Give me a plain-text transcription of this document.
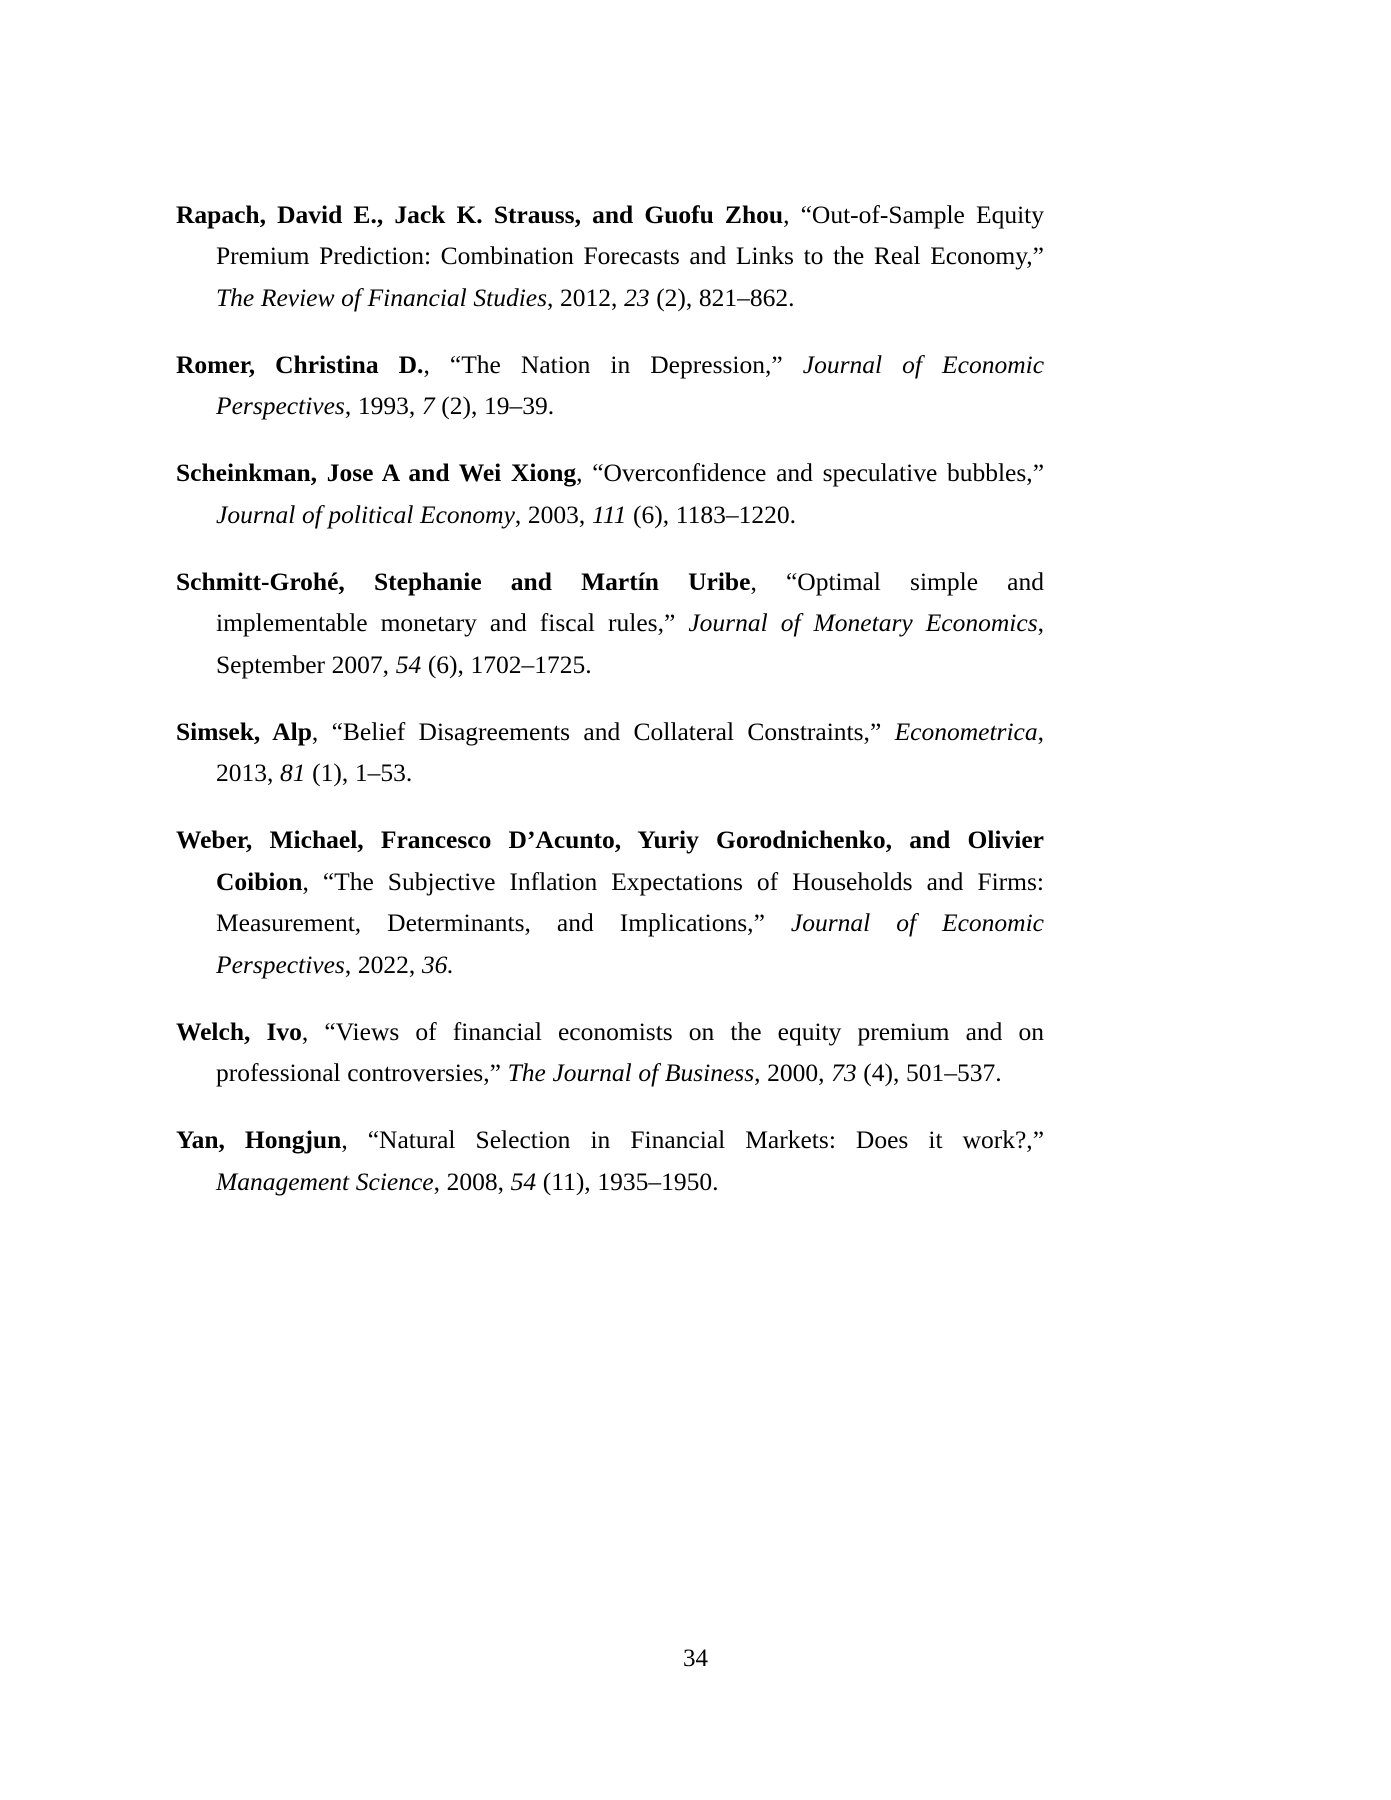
Rapach, David E., Jack K. Strauss, and Guofu Zhou, “Out-of-Sample Equity Premium Prediction: Combination Forecasts and Links to the Real Economy,” The Review of Financial Studies, 2012, 23 (2), 821–862.

Romer, Christina D., “The Nation in Depression,” Journal of Economic Perspectives, 1993, 7 (2), 19–39.

Scheinkman, Jose A and Wei Xiong, “Overconfidence and speculative bubbles,” Journal of political Economy, 2003, 111 (6), 1183–1220.

Schmitt-Grohé, Stephanie and Martín Uribe, “Optimal simple and implementable monetary and fiscal rules,” Journal of Monetary Economics, September 2007, 54 (6), 1702–1725.

Simsek, Alp, “Belief Disagreements and Collateral Constraints,” Econometrica, 2013, 81 (1), 1–53.

Weber, Michael, Francesco D’Acunto, Yuriy Gorodnichenko, and Olivier Coibion, “The Subjective Inflation Expectations of Households and Firms: Measurement, Determinants, and Implications,” Journal of Economic Perspectives, 2022, 36.

Welch, Ivo, “Views of financial economists on the equity premium and on professional controversies,” The Journal of Business, 2000, 73 (4), 501–537.

Yan, Hongjun, “Natural Selection in Financial Markets: Does it work?,” Management Science, 2008, 54 (11), 1935–1950.

34
